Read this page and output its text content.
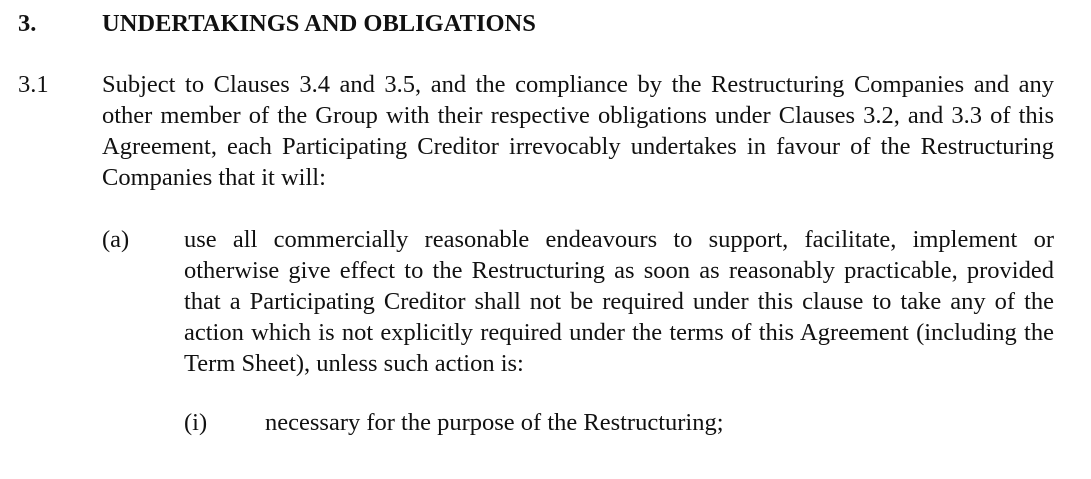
3.	UNDERTAKINGS AND OBLIGATIONS

3.1 Subject to Clauses 3.4 and 3.5, and the compliance by the Restructuring Companies and any other member of the Group with their respective obligations under Clauses 3.2, and 3.3 of this Agreement, each Participating Creditor irrevocably undertakes in favour of the Restructuring Companies that it will:

(a) use all commercially reasonable endeavours to support, facilitate, implement or otherwise give effect to the Restructuring as soon as reasonably practicable, provided that a Participating Creditor shall not be required under this clause to take any of the action which is not explicitly required under the terms of this Agreement (including the Term Sheet), unless such action is:

(i) necessary for the purpose of the Restructuring;
